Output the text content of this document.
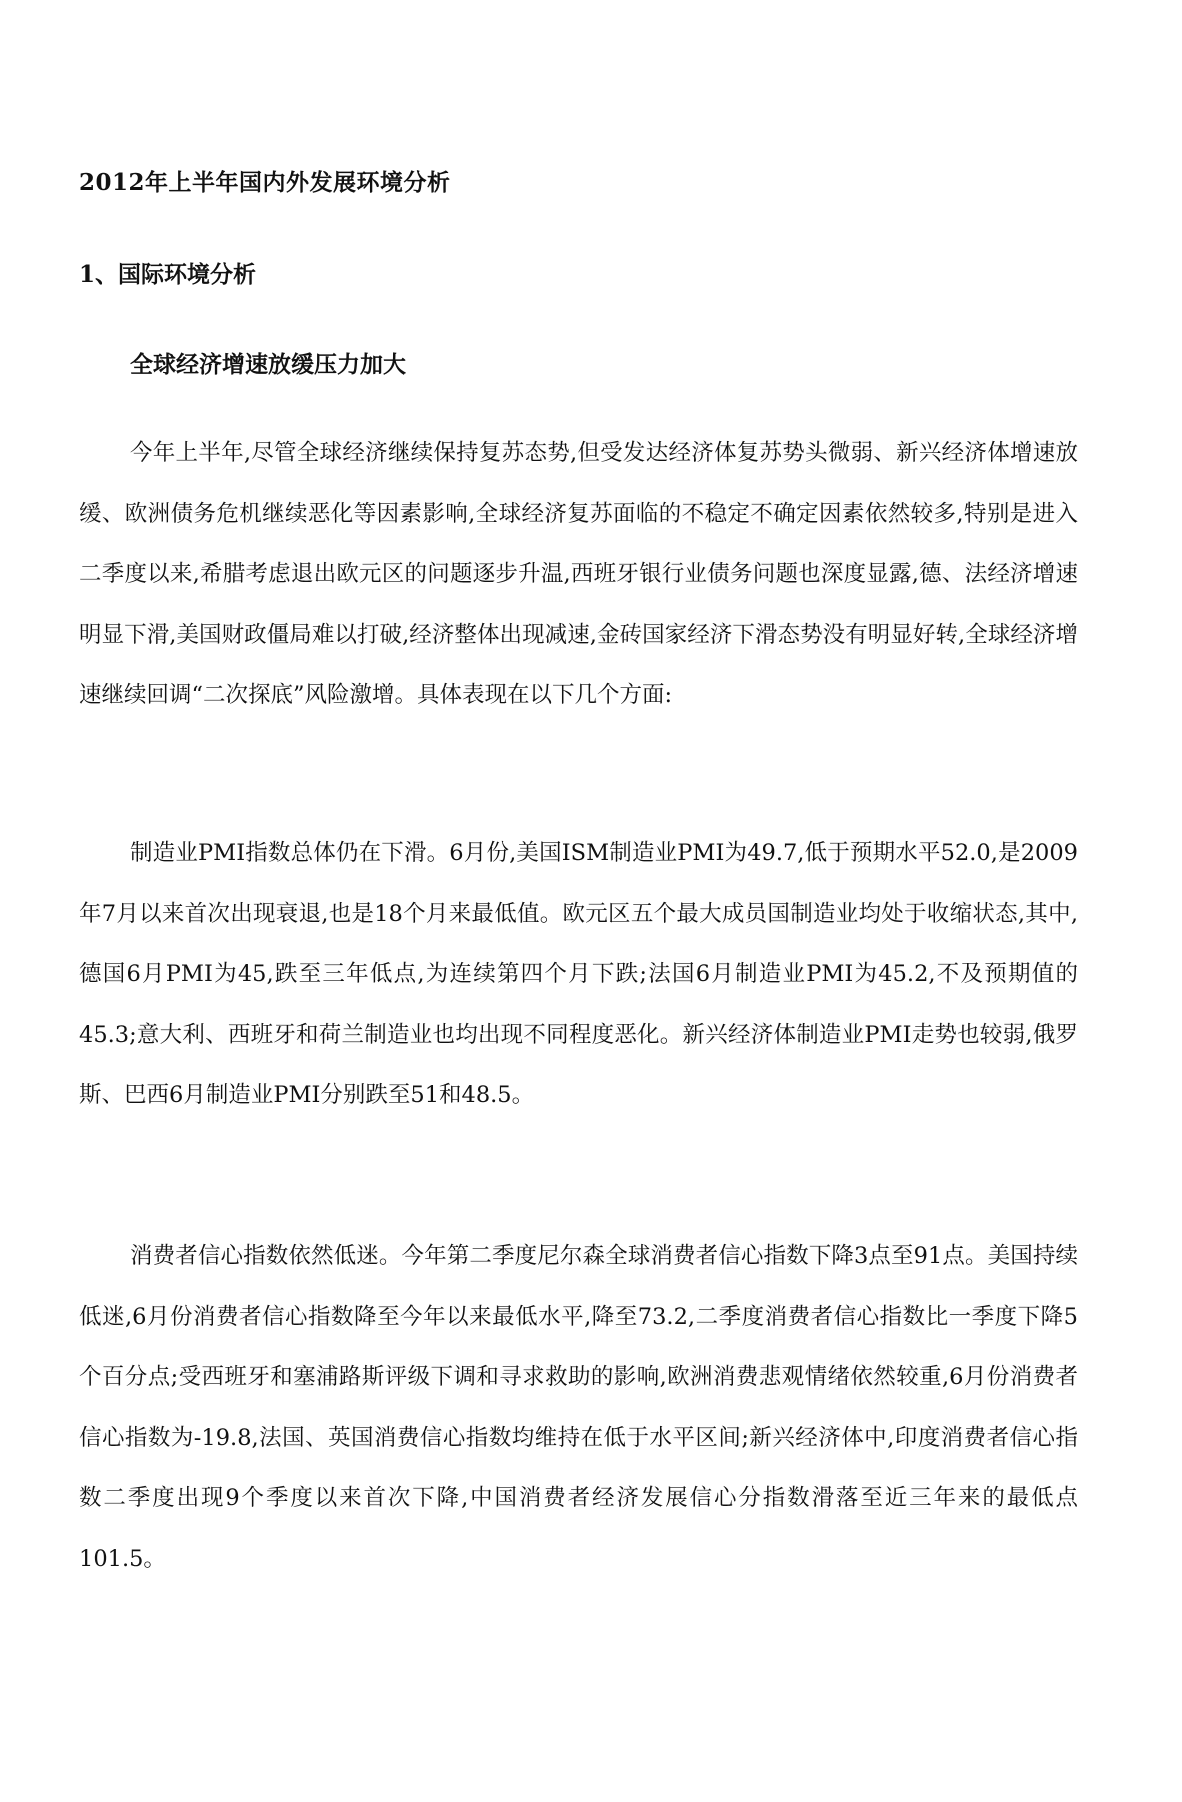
2012年上半年国内外发展环境分析
1、国际环境分析
全球经济增速放缓压力加大

今年上半年,尽管全球经济继续保持复苏态势,但受发达经济体复苏势头微弱、新兴经济体增速放缓、欧洲债务危机继续恶化等因素影响,全球经济复苏面临的不稳定不确定因素依然较多,特别是进入二季度以来,希腊考虑退出欧元区的问题逐步升温,西班牙银行业债务问题也深度显露,德、法经济增速明显下滑,美国财政僵局难以打破,经济整体出现减速,金砖国家经济下滑态势没有明显好转,全球经济增速继续回调“二次探底”风险激增。具体表现在以下几个方面:

制造业PMI指数总体仍在下滑。6月份,美国ISM制造业PMI为49.7,低于预期水平52.0,是2009年7月以来首次出现衰退,也是18个月来最低值。欧元区五个最大成员国制造业均处于收缩状态,其中,德国6月PMI为45,跌至三年低点,为连续第四个月下跌;法国6月制造业PMI为45.2,不及预期值的45.3;意大利、西班牙和荷兰制造业也均出现不同程度恶化。新兴经济体制造业PMI走势也较弱,俄罗斯、巴西6月制造业PMI分别跌至51和48.5。

消费者信心指数依然低迷。今年第二季度尼尔森全球消费者信心指数下降3点至91点。美国持续低迷,6月份消费者信心指数降至今年以来最低水平,降至73.2,二季度消费者信心指数比一季度下降5个百分点;受西班牙和塞浦路斯评级下调和寻求救助的影响,欧洲消费悲观情绪依然较重,6月份消费者信心指数为-19.8,法国、英国消费信心指数均维持在低于水平区间;新兴经济体中,印度消费者信心指数二季度出现9个季度以来首次下降,中国消费者经济发展信心分指数滑落至近三年来的最低点101.5。
